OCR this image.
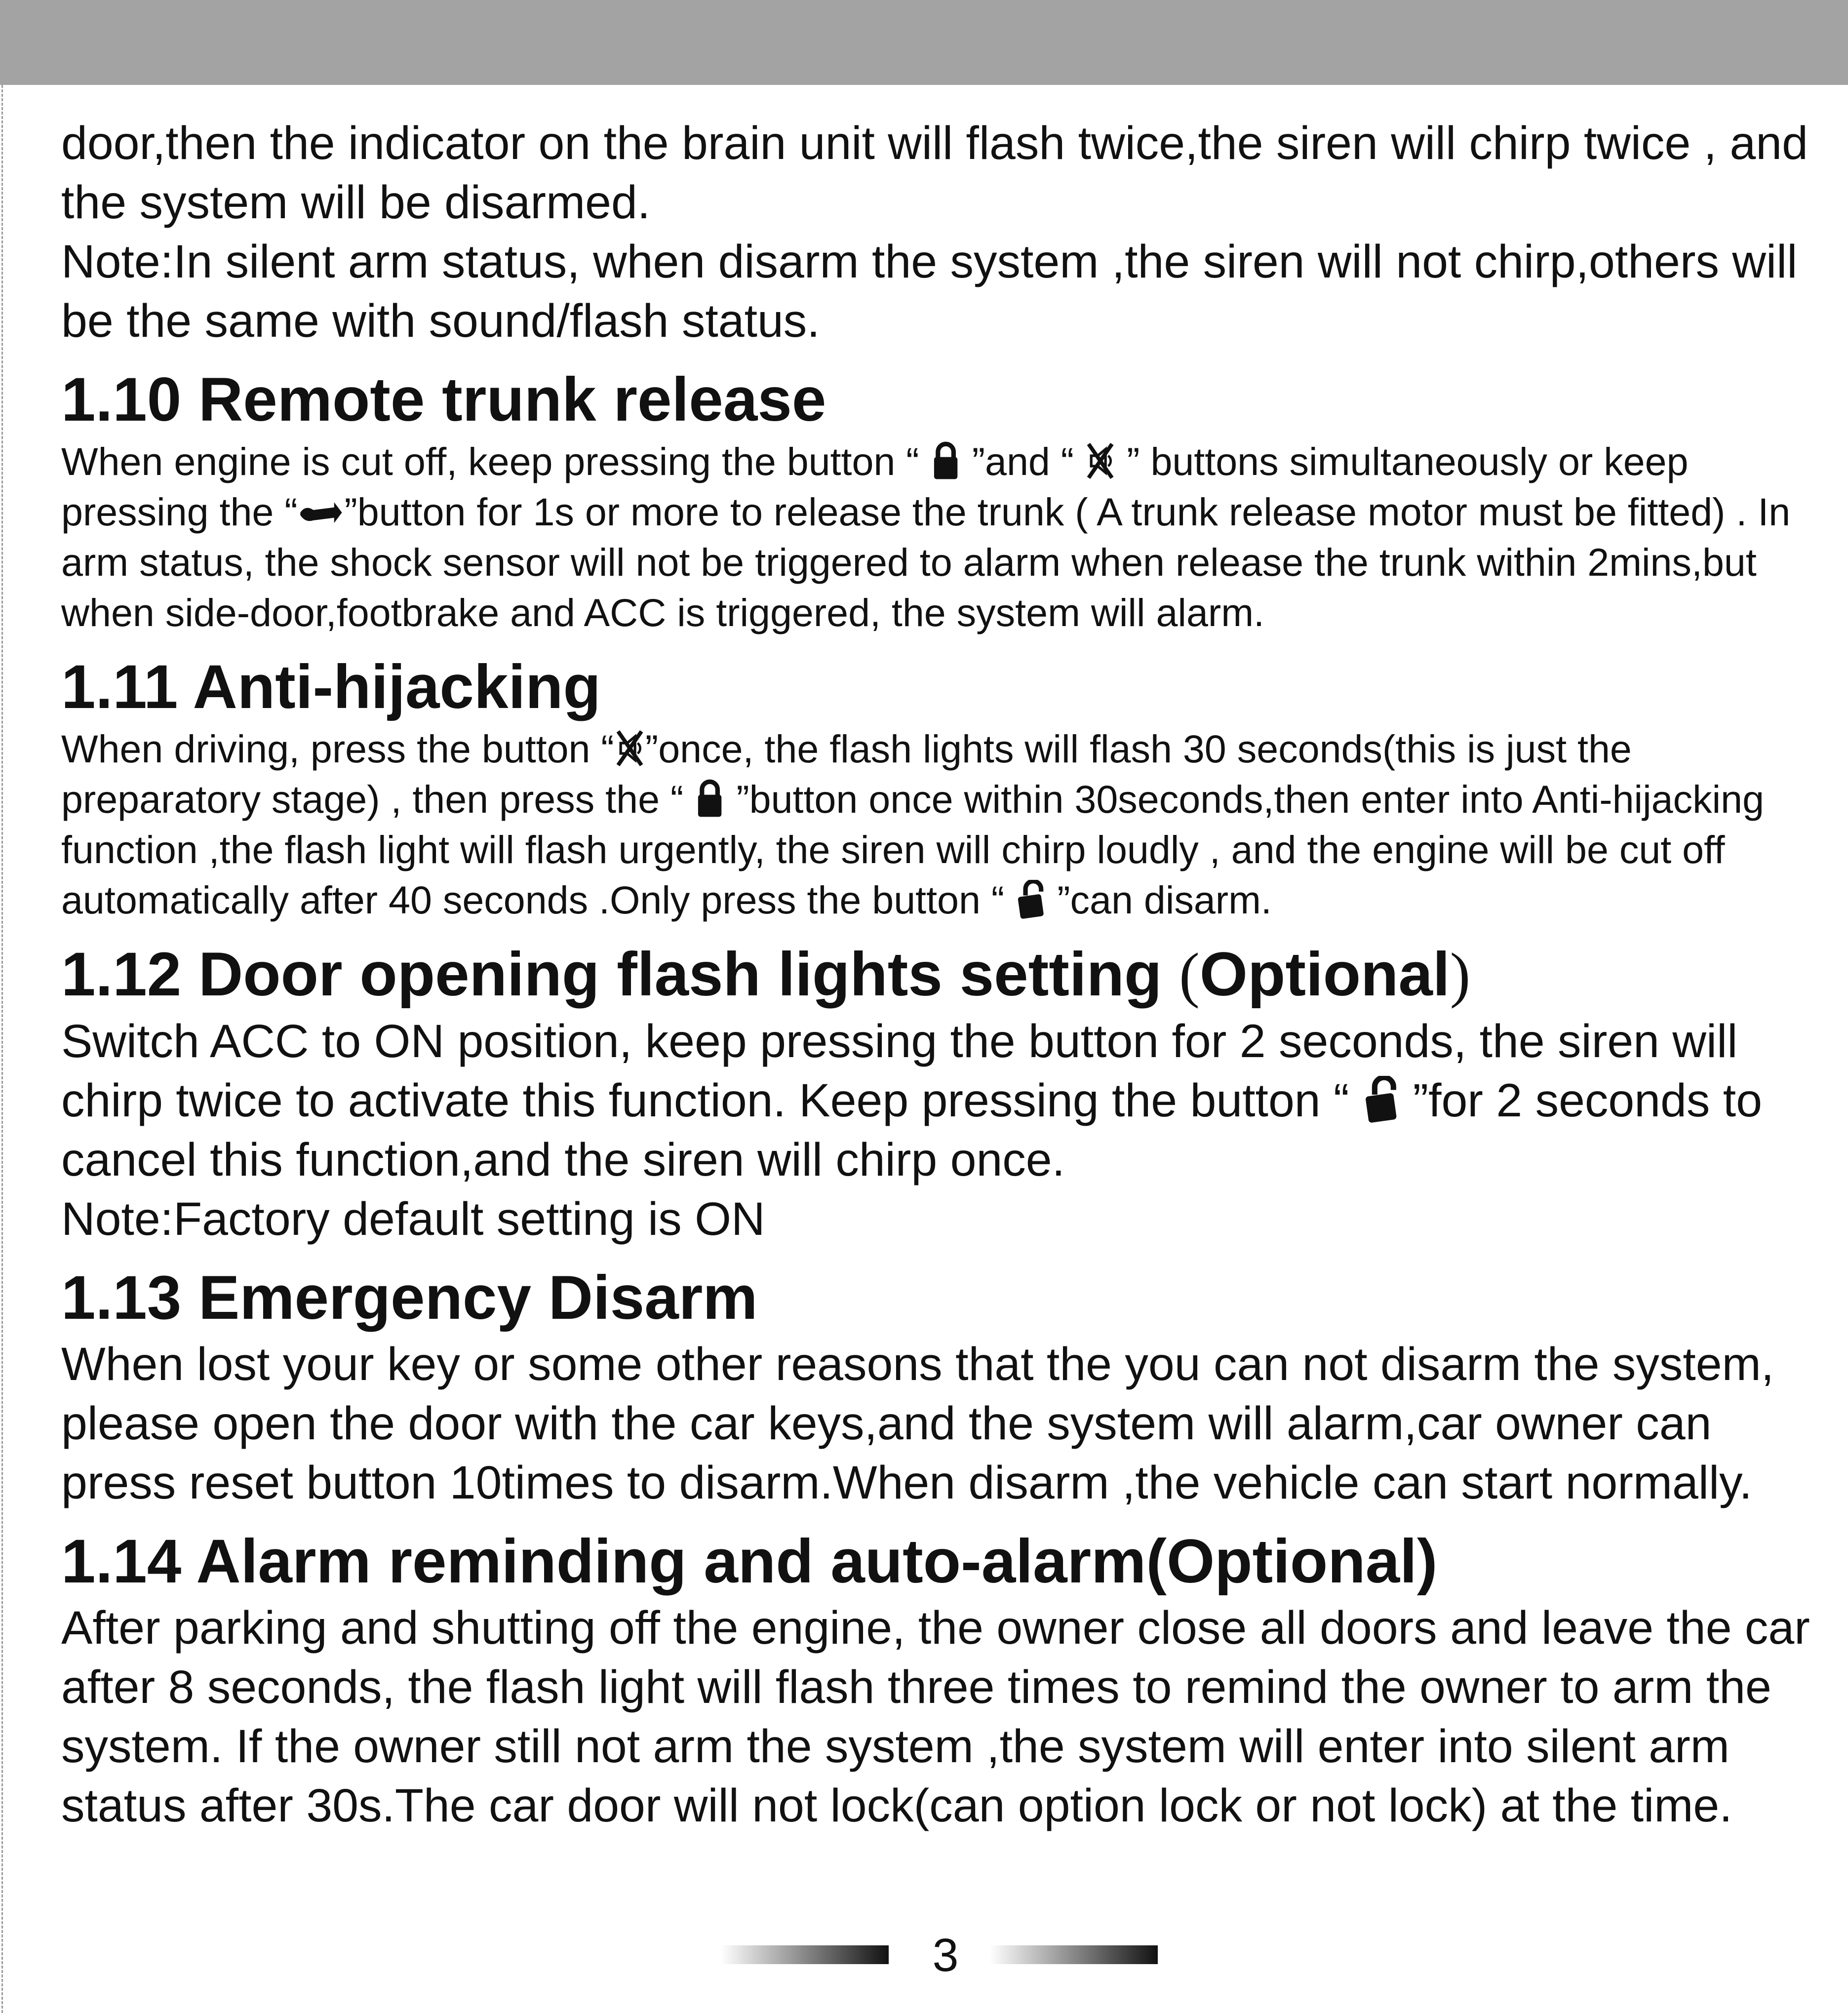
door,then the indicator on the brain unit will flash twice,the siren will chirp twice , and the system will be disarmed.

Note:In silent arm status, when disarm the system ,the siren will not chirp,others will be the same with sound/flash status.

1.10 Remote trunk release

When engine is cut off, keep pressing the button “
”and “
” buttons simultaneously or keep pressing the “ ”button for 1s or more to release the trunk ( A trunk release motor must be fitted) . In arm status, the shock sensor will not be triggered to alarm when release the trunk within 2mins,but when side-door,footbrake and ACC is triggered, the system will alarm.

1.11 Anti-hijacking

When driving, press the button “ ”once, the flash lights will flash 30 seconds(this is just the preparatory stage) , then press the “
”button once within 30seconds,then enter into Anti-hijacking function ,the flash light will flash urgently, the siren will chirp loudly , and the engine will be cut off automatically after 40 seconds .Only press the button “
”can disarm.

1.12 Door opening flash lights setting (Optional)

Switch ACC to ON position, keep pressing the button for 2 seconds, the siren will chirp twice to activate this function. Keep pressing the button “
”for 2 seconds to cancel this function,and the siren will chirp once.

Note:Factory default setting is ON

1.13 Emergency Disarm

When lost your key or some other reasons that the you can not disarm the system, please open the door with the car keys,and the system will alarm,car owner can press reset button 10times to disarm.When disarm ,the vehicle can start normally.

1.14 Alarm reminding and auto-alarm(Optional)

After parking and shutting off the engine, the owner close all doors and leave the car after 8 seconds, the flash light will flash three times to remind the owner to arm the system. If the owner still not arm the system ,the system will enter into silent arm status after 30s.The car door will not lock(can option lock or not lock) at the time.

3
